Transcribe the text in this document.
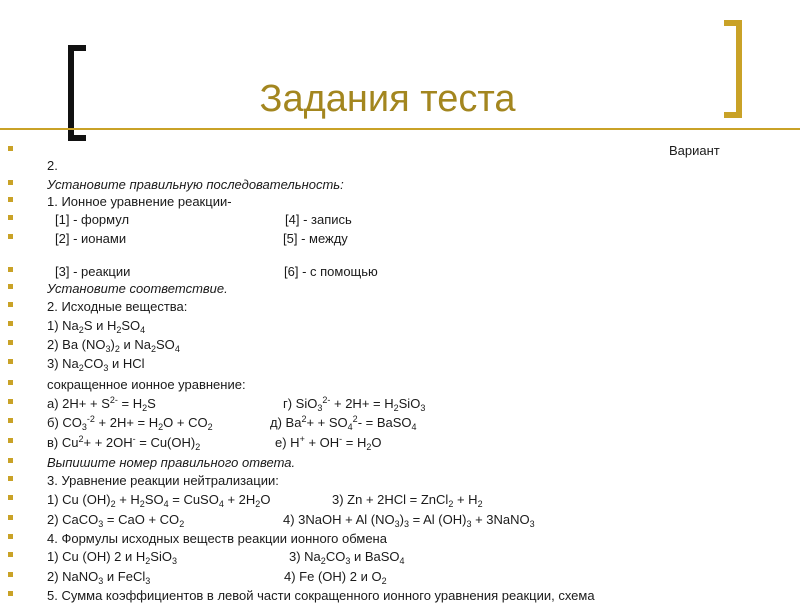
Задания теста
Вариант
2.
Установите правильную последовательность:
1. Ионное уравнение реакции-
[1] - формул	[4] - запись
[2] - ионами	[5] - между
[3] - реакции	[6] - с помощью
Установите соответствие.
2. Исходные вещества:
1) $Na_2S$ и $H_2SO_4$
2) Ba $(NO_3)_2$ и $Na_2SO_4$
3) $Na_2CO_3$ и HCl
сокращенное ионное уравнение:
а) $2H+ + S^{2-} = H_2S$	г) $SiO_3^{2-} + 2H+ = H_2SiO_3$
б) $CO_3^{-2} + 2H+ = H_2O + CO_2$	д) $Ba^2+ + SO_4^2-$ = BaSO$_4$
в) $Cu^2+ + 2OH^- = Cu(OH)_2$	е) $H^+ + OH^- = H_2O$
Выпишите номер правильного ответа.
3. Уравнение реакции нейтрализации:
1) Cu $(OH)_2 + H_2SO_4$ = CuSO$_4$ + $2H_2O$	3) Zn + 2HCl = ZnCl$_2$ + $H_2$
2) CaCO$_3$ = CaO + $CO_2$	4) 3NaOH + Al $(NO_3)_3 = Al$ $(OH)_3$ + 3NaNO$_3$
4. Формулы исходных веществ реакции ионного обмена
1) Cu (OH) 2 и $H_2SiO_3$	3) $Na_2CO_3$ и BaSO$_4$
2) NaNO$_3$ и FeCl$_3$	4) Fe (OH) 2 и $O_2$
5. Сумма коэффициентов в левой части сокращенного ионного уравнения реакции, схема
